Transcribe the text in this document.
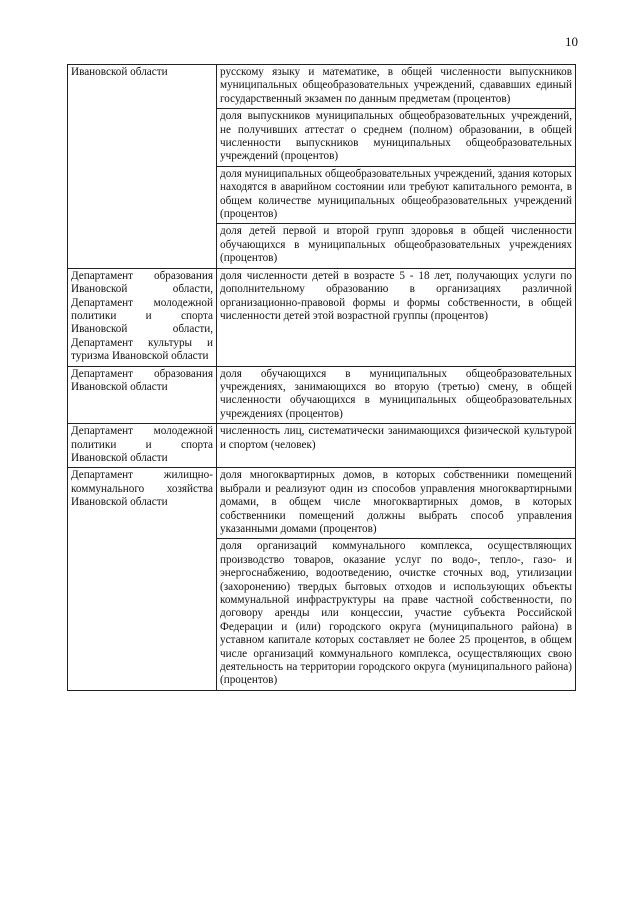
10
Ивановской области	русскому языку и математике, в общей численности выпускников муниципальных общеобразовательных учреждений, сдававших единый государственный экзамен по данным предметам (процентов)
	доля выпускников муниципальных общеобразовательных учреждений, не получивших аттестат о среднем (полном) образовании, в общей численности выпускников муниципальных общеобразовательных учреждений (процентов)
	доля муниципальных общеобразовательных учреждений, здания которых находятся в аварийном состоянии или требуют капитального ремонта, в общем количестве муниципальных общеобразовательных учреждений (процентов)
	доля детей первой и второй групп здоровья в общей численности обучающихся в муниципальных общеобразовательных учреждениях (процентов)
Департамент образования Ивановской области, Департамент молодежной политики и спорта Ивановской области, Департамент культуры и туризма Ивановской области	доля численности детей в возрасте 5 - 18 лет, получающих услуги по дополнительному образованию в организациях различной организационно-правовой формы и формы собственности, в общей численности детей этой возрастной группы (процентов)
Департамент образования Ивановской области	доля обучающихся в муниципальных общеобразовательных учреждениях, занимающихся во вторую (третью) смену, в общей численности обучающихся в муниципальных общеобразовательных учреждениях (процентов)
Департамент молодежной политики и спорта Ивановской области	численность лиц, систематически занимающихся физической культурой и спортом (человек)
Департамент жилищно-коммунального хозяйства Ивановской области	доля многоквартирных домов, в которых собственники помещений выбрали и реализуют один из способов управления многоквартирными домами, в общем числе многоквартирных домов, в которых собственники помещений должны выбрать способ управления указанными домами (процентов)
	доля организаций коммунального комплекса, осуществляющих производство товаров, оказание услуг по водо-, тепло-, газо- и энергоснабжению, водоотведению, очистке сточных вод, утилизации (захоронению) твердых бытовых отходов и использующих объекты коммунальной инфраструктуры на праве частной собственности, по договору аренды или концессии, участие субъекта Российской Федерации и (или) городского округа (муниципального района) в уставном капитале которых составляет не более 25 процентов, в общем числе организаций коммунального комплекса, осуществляющих свою деятельность на территории городского округа (муниципального района) (процентов)
